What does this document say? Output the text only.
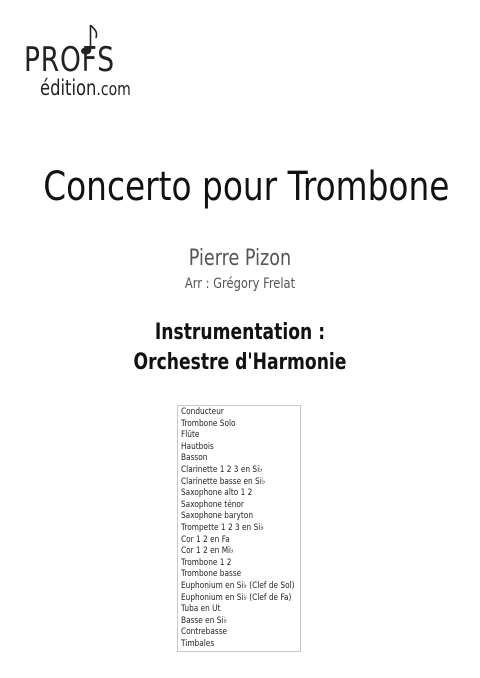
PROFS
édition.com
Concerto pour Trombone
Pierre Pizon
Arr : Grégory Frelat
Instrumentation :
Orchestre d'Harmonie
Conducteur
Trombone Solo
Flûte
Hautbois
Basson
Clarinette 1 2 3 en Si♭
Clarinette basse en Si♭
Saxophone alto 1 2
Saxophone ténor
Saxophone baryton
Trompette 1 2 3 en Si♭
Cor 1 2 en Fa
Cor 1 2 en Mi♭
Trombone 1 2
Trombone basse
Euphonium en Si♭ (Clef de Sol)
Euphonium en Si♭ (Clef de Fa)
Tuba en Ut
Basse en Si♭
Contrebasse
Timbales
